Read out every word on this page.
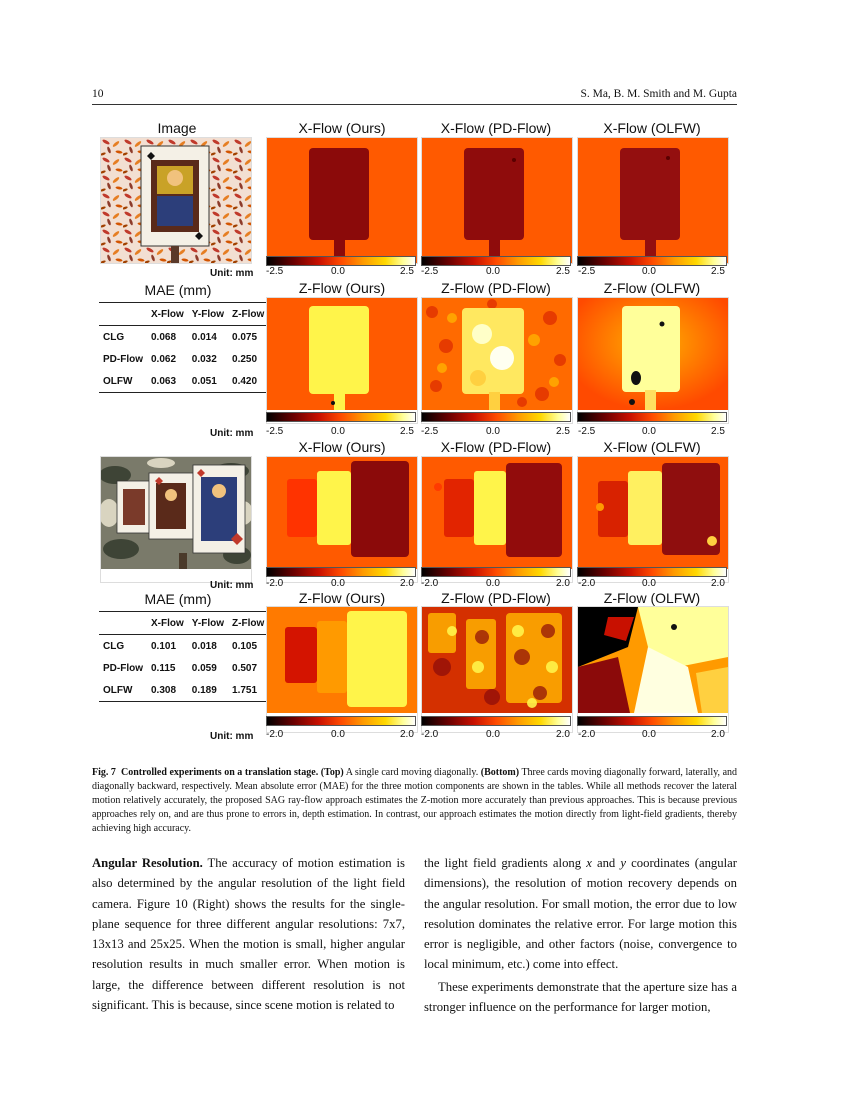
10	S. Ma, B. M. Smith and M. Gupta
Image	X-Flow (Ours)	X-Flow (PD-Flow)	X-Flow (OLFW)
Unit: mm -2.5	0.0	2.5 -2.5	0.0	2.5 -2.5	0.0	2.5
MAE (mm)
	X-Flow	Y-Flow	Z-Flow
CLG	0.068	0.014	0.075
PD-Flow	0.062	0.032	0.250
OLFW	0.063	0.051	0.420
Z-Flow (Ours)	Z-Flow (PD-Flow)	Z-Flow (OLFW)
Unit: mm -2.5	0.0	2.5 -2.5	0.0	2.5 -2.5	0.0	2.5
X-Flow (Ours)	X-Flow (PD-Flow)	X-Flow (OLFW)
Unit: mm -2.0	0.0	2.0 -2.0	0.0	2.0 -2.0	0.0	2.0
MAE (mm)
	X-Flow	Y-Flow	Z-Flow
CLG	0.101	0.018	0.105
PD-Flow	0.115	0.059	0.507
OLFW	0.308	0.189	1.751
Z-Flow (Ours)	Z-Flow (PD-Flow)	Z-Flow (OLFW)
Unit: mm -2.0	0.0	2.0 -2.0	0.0	2.0 -2.0	0.0	2.0
Fig. 7 Controlled experiments on a translation stage. (Top) A single card moving diagonally. (Bottom) Three cards moving diagonally forward, laterally, and diagonally backward, respectively. Mean absolute error (MAE) for the three motion components are shown in the tables. While all methods recover the lateral motion relatively accurately, the proposed SAG ray-flow approach estimates the Z-motion more accurately than previous approaches. This is because previous approaches rely on, and are thus prone to errors in, depth estimation. In contrast, our approach estimates the motion directly from light-field gradients, thereby achieving high accuracy.

Angular Resolution. The accuracy of motion estimation is also determined by the angular resolution of the light field camera. Figure 10 (Right) shows the results for the single-plane sequence for three different angular resolutions: 7x7, 13x13 and 25x25. When the motion is small, higher angular resolution results in much smaller error. When motion is large, the difference between different resolution is not significant. This is because, since scene motion is related to

the light field gradients along x and y coordinates (angular dimensions), the resolution of motion recovery depends on the angular resolution. For small motion, the error due to low resolution dominates the relative error. For large motion this error is negligible, and other factors (noise, convergence to local minimum, etc.) come into effect.

These experiments demonstrate that the aperture size has a stronger influence on the performance for larger motion,
